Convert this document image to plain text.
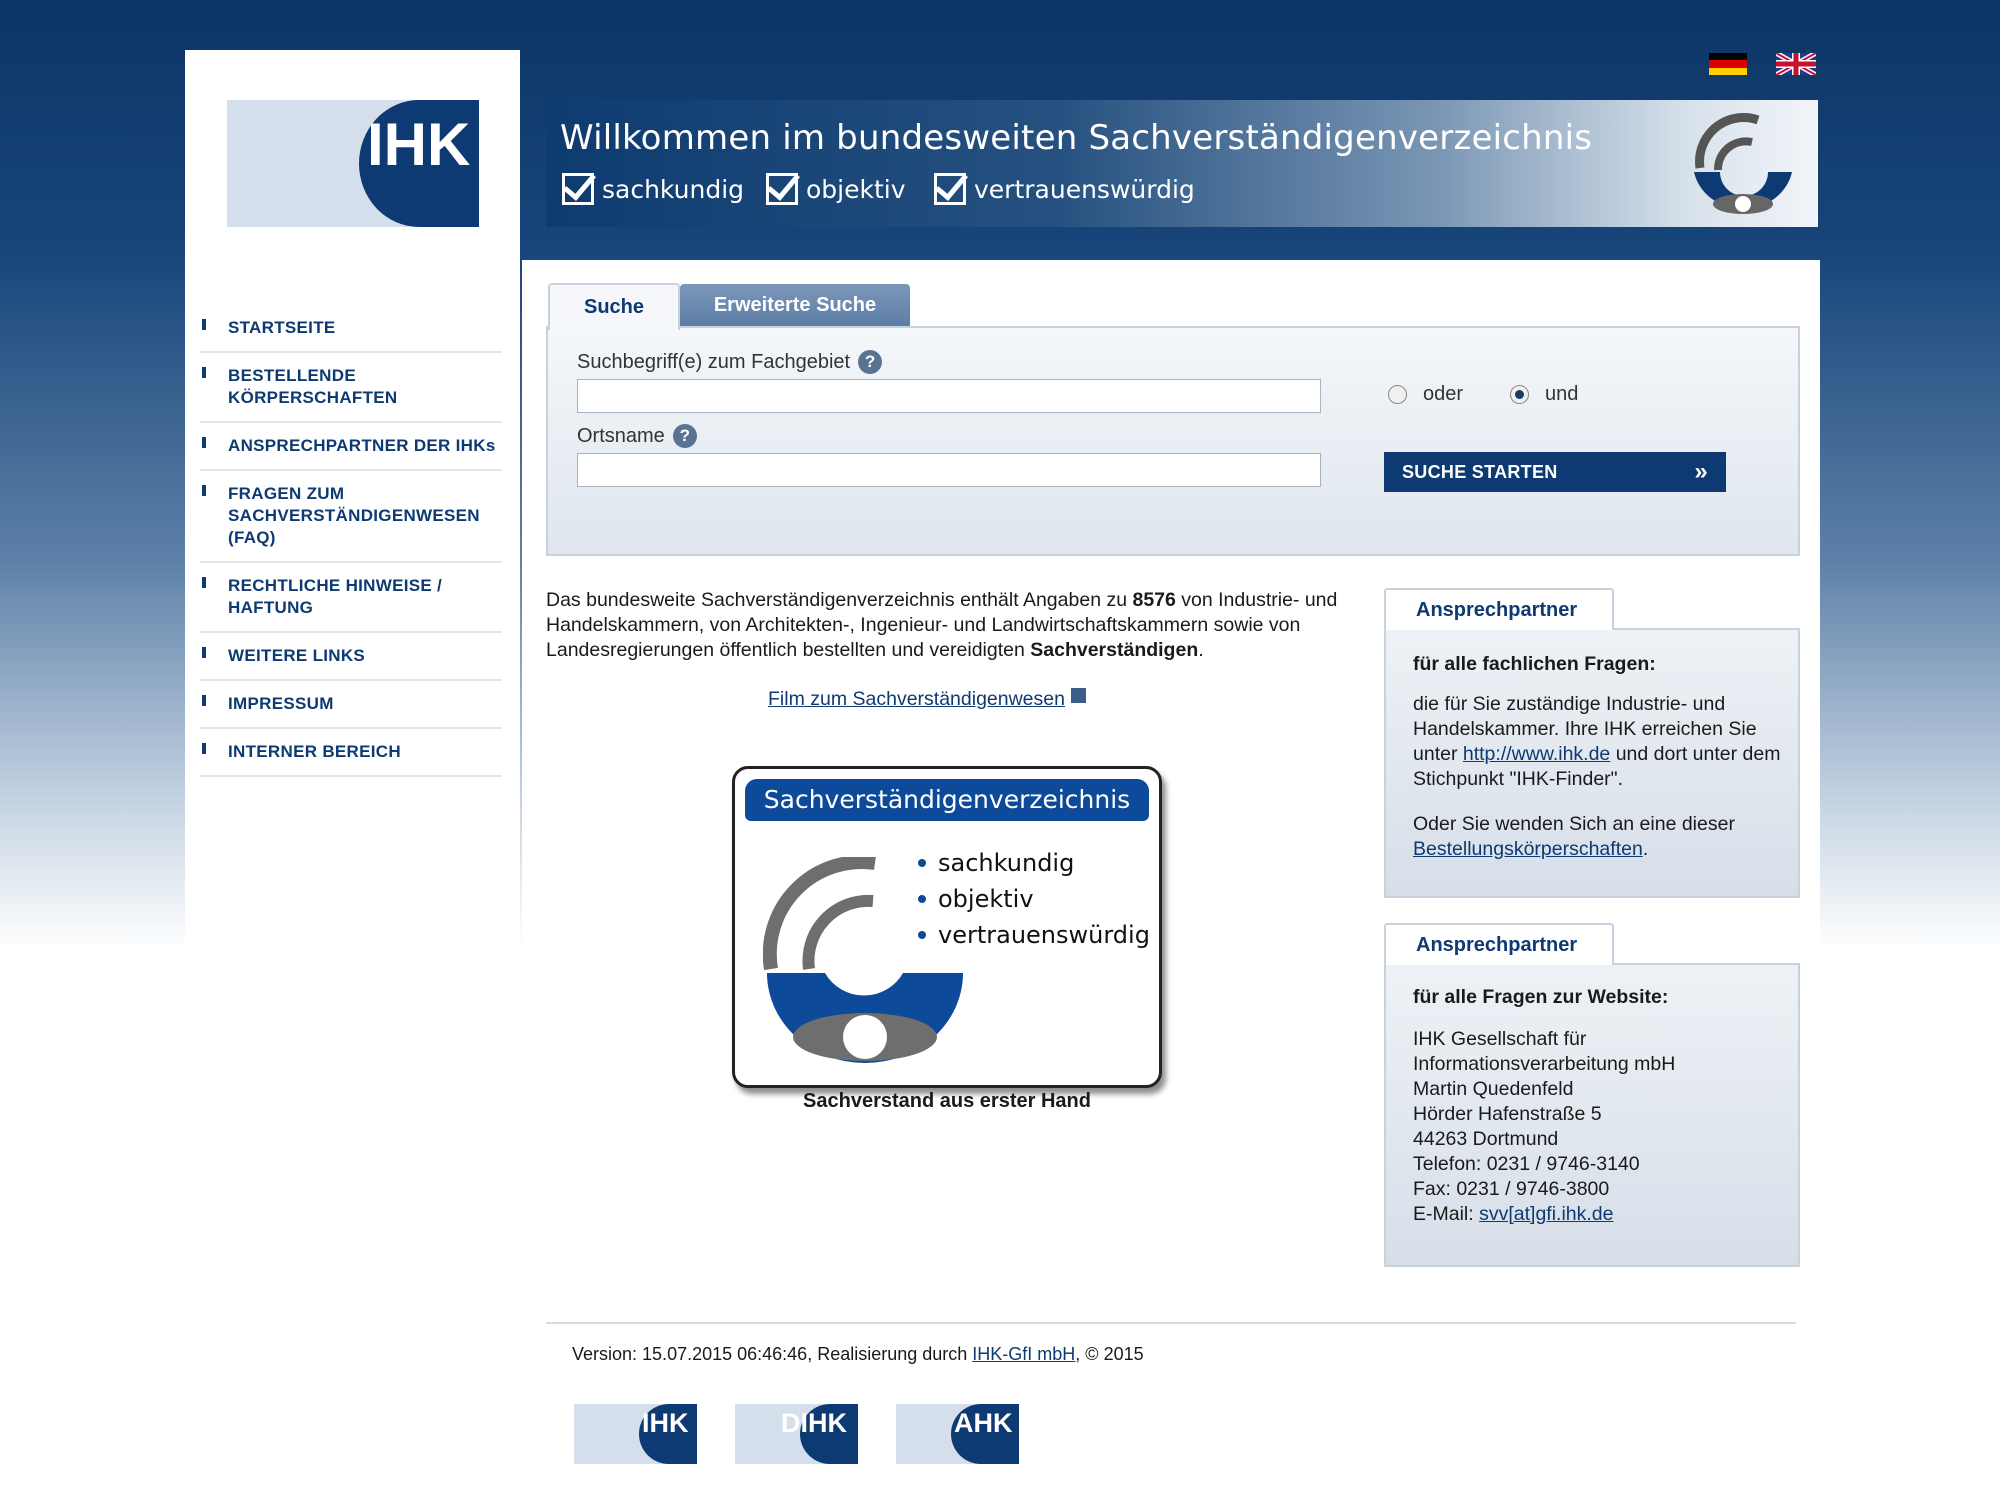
IHK
STARTSEITE
BESTELLENDE KÖRPERSCHAFTEN
ANSPRECHPARTNER DER IHKs
FRAGEN ZUM SACHVERSTÄNDIGENWESEN (FAQ)
RECHTLICHE HINWEISE / HAFTUNG
WEITERE LINKS
IMPRESSUM
INTERNER BEREICH
Willkommen im bundesweiten Sachverständigenverzeichnis
sachkundig objektiv	vertrauenswürdig
Suche	Erweiterte Suche
Suchbegriff(e) zum Fachgebiet ?
Ortsname ?
oder	und
SUCHE STARTEN	»
Das bundesweite Sachverständigenverzeichnis enthält Angaben zu 8576 von Industrie- und Handelskammern, von Architekten-, Ingenieur- und Landwirtschaftskammern sowie von Landesregierungen öffentlich bestellten und vereidigten Sachverständigen.
Film zum Sachverständigenwesen
Sachverständigenverzeichnis
sachkundig
objektiv
vertrauenswürdig
Sachverstand aus erster Hand
für alle fachlichen Fragen:
die für Sie zuständige Industrie- und Handelskammer. Ihre IHK erreichen Sie unter http://www.ihk.de und dort unter dem Stichpunkt "IHK-Finder".
Oder Sie wenden Sich an eine dieser Bestellungskörperschaften.
Ansprechpartner
für alle Fragen zur Website:
IHK Gesellschaft für
Informationsverarbeitung mbH
Martin Quedenfeld
Hörder Hafenstraße 5
44263 Dortmund
Telefon: 0231 / 9746-3140
Fax: 0231 / 9746-3800
E-Mail: svv[at]gfi.ihk.de
Ansprechpartner
Version: 15.07.2015 06:46:46, Realisierung durch IHK-GfI mbH, © 2015
IHK	DIHK	AHK
